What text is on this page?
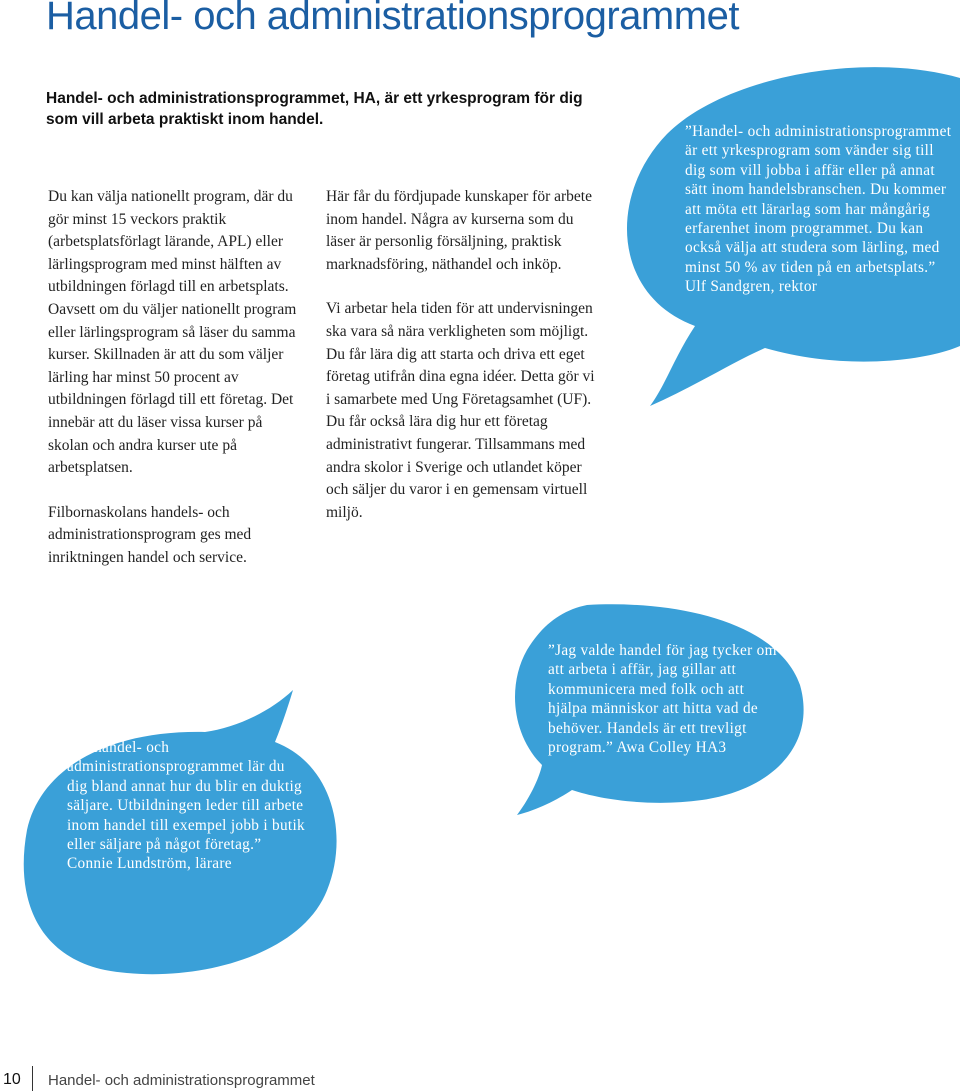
Handel- och administrationsprogrammet

Handel- och administrationsprogrammet, HA, är ett yrkesprogram för dig som vill arbeta praktiskt inom handel.

Du kan välja nationellt program, där du gör minst 15 veckors praktik (arbetsplatsförlagt lärande, APL) eller lärlingsprogram med minst hälften av utbildningen förlagd till en arbetsplats. Oavsett om du väljer nationellt program eller lärlingsprogram så läser du samma kurser. Skillnaden är att du som väljer lärling har minst 50 procent av utbildningen förlagd till ett företag. Det innebär att du läser vissa kurser på skolan och andra kurser ute på arbetsplatsen.

Filbornaskolans handels- och administrationsprogram ges med inriktningen handel och service.

Här får du fördjupade kunskaper för arbete inom handel. Några av kurserna som du läser är personlig försäljning, praktisk marknadsföring, näthandel och inköp.

Vi arbetar hela tiden för att undervisningen ska vara så nära verkligheten som möjligt. Du får lära dig att starta och driva ett eget företag utifrån dina egna idéer. Detta gör vi i samarbete med Ung Företagsamhet (UF). Du får också lära dig hur ett företag administrativt fungerar. Tillsammans med andra skolor i Sverige och utlandet köper och säljer du varor i en gemensam virtuell miljö.

”Handel- och administrationsprogrammet är ett yrkesprogram som vänder sig till dig som vill jobba i affär eller på annat sätt inom handelsbranschen. Du kommer att möta ett lärarlag som har mångårig erfarenhet inom programmet. Du kan också välja att studera som lärling, med minst 50 % av tiden på en arbetsplats.” Ulf Sandgren, rektor

”På handel- och administrationsprogrammet lär du dig bland annat hur du blir en duktig säljare. Utbildningen leder till arbete inom handel till exempel jobb i butik eller säljare på något företag.” Connie Lundström, lärare

”Jag valde handel för jag tycker om att arbeta i affär, jag gillar att kommunicera med folk och att hjälpa människor att hitta vad de behöver. Handels är ett trevligt program.” Awa Colley HA3

10 Handel- och administrationsprogrammet
